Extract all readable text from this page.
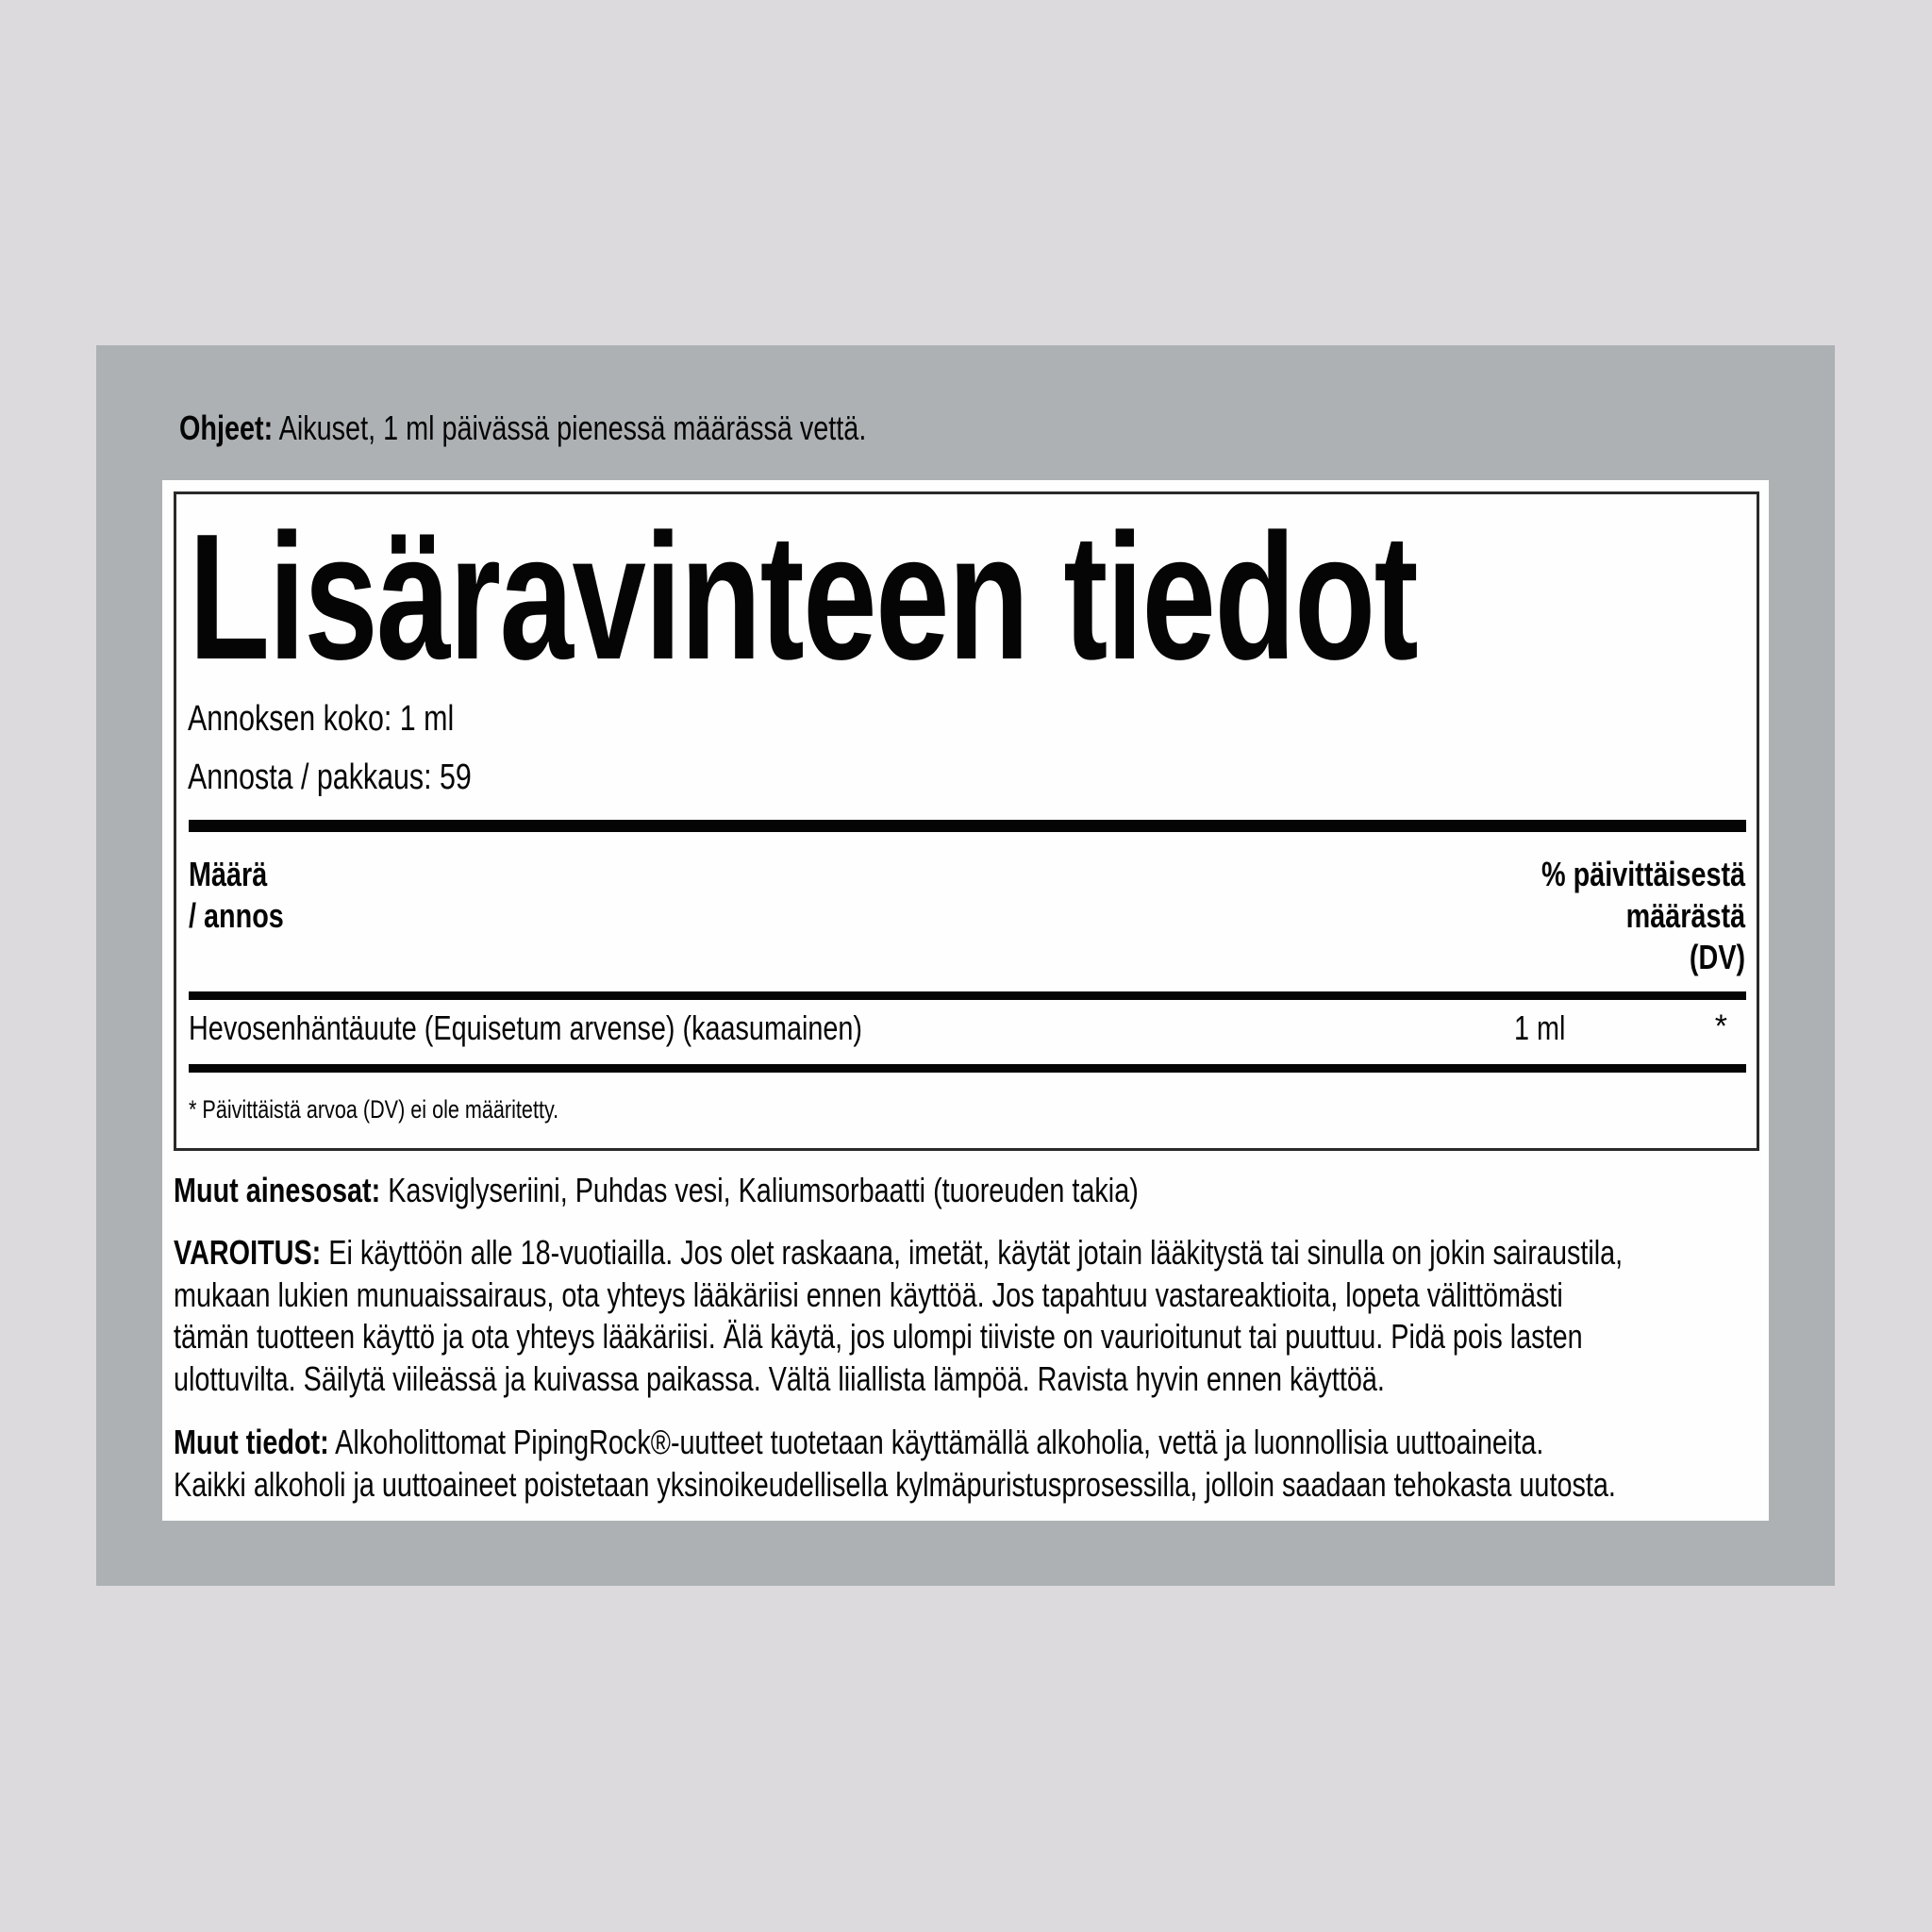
Ohjeet: Aikuset, 1 ml päivässä pienessä määrässä vettä.
Lisäravinteen tiedot
Annoksen koko: 1 ml
Annosta / pakkaus: 59
Määrä
/ annos
% päivittäisestä
määrästä
(DV)
Hevosenhäntäuute (Equisetum arvense) (kaasumainen)	1 ml	*
* Päivittäistä arvoa (DV) ei ole määritetty.
Muut ainesosat: Kasviglyseriini, Puhdas vesi, Kaliumsorbaatti (tuoreuden takia)
VAROITUS: Ei käyttöön alle 18-vuotiailla. Jos olet raskaana, imetät, käytät jotain lääkitystä tai sinulla on jokin sairaustila,
mukaan lukien munuaissairaus, ota yhteys lääkäriisi ennen käyttöä. Jos tapahtuu vastareaktioita, lopeta välittömästi
tämän tuotteen käyttö ja ota yhteys lääkäriisi. Älä käytä, jos ulompi tiiviste on vaurioitunut tai puuttuu. Pidä pois lasten
ulottuvilta. Säilytä viileässä ja kuivassa paikassa. Vältä liiallista lämpöä. Ravista hyvin ennen käyttöä.
Muut tiedot: Alkoholittomat PipingRock®-uutteet tuotetaan käyttämällä alkoholia, vettä ja luonnollisia uuttoaineita.
Kaikki alkoholi ja uuttoaineet poistetaan yksinoikeudellisella kylmäpuristusprosessilla, jolloin saadaan tehokasta uutosta.
